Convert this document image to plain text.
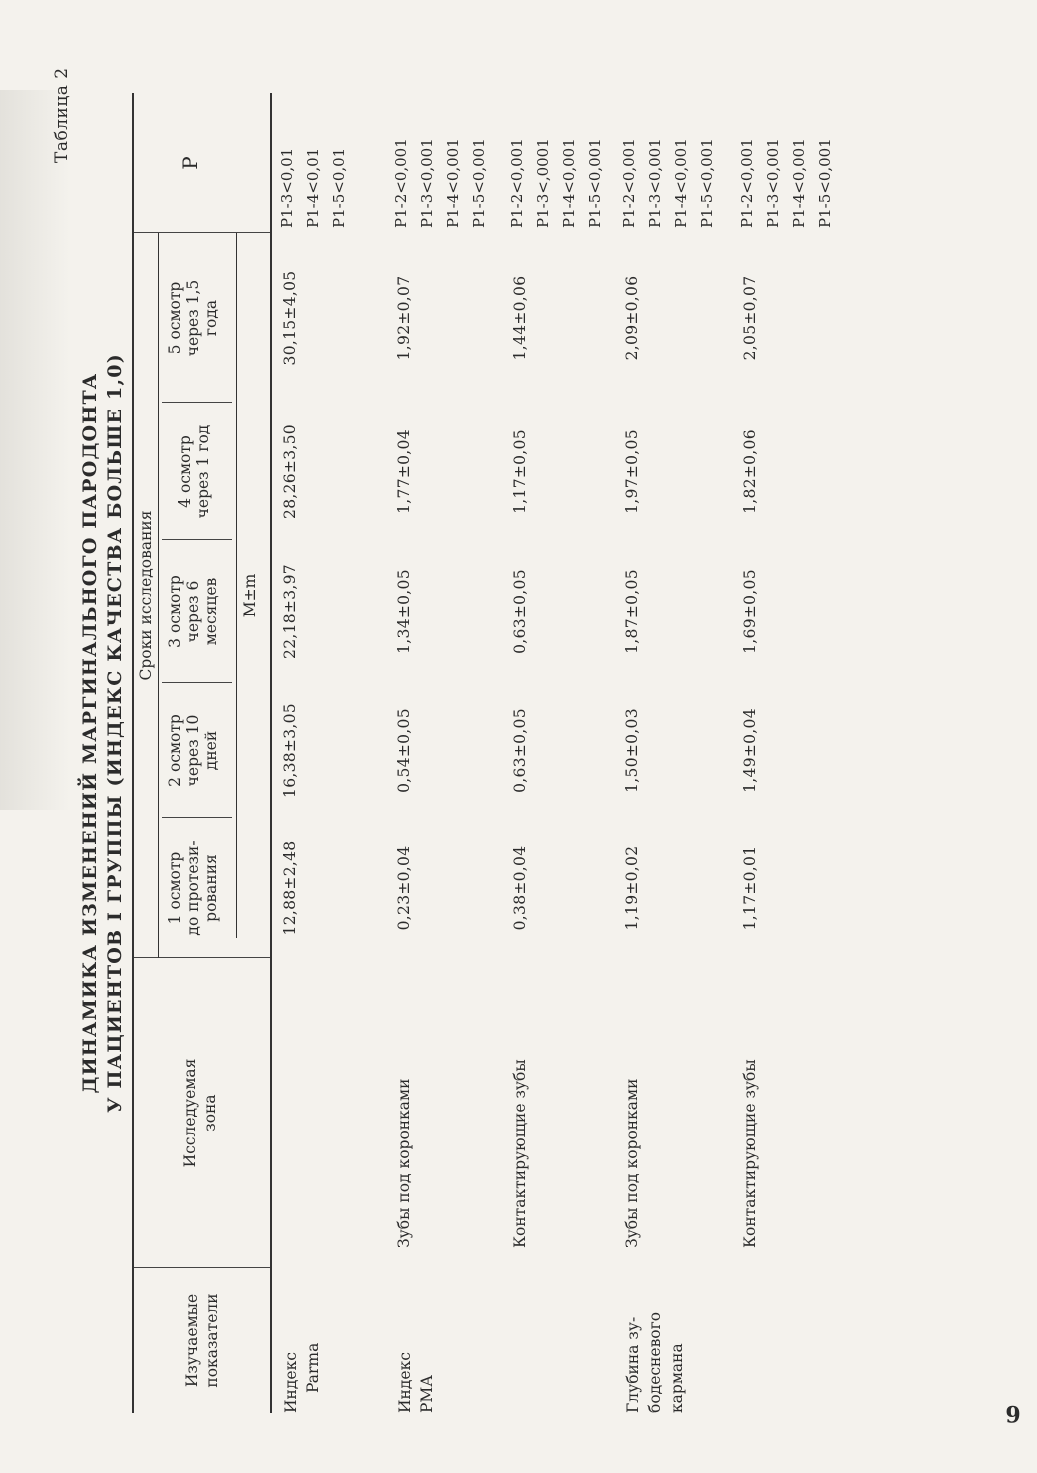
Таблица 2
ДИНАМИКА ИЗМЕНЕНИЙ МАРГИНАЛЬНОГО ПАРОДОНТА У ПАЦИЕНТОВ I ГРУППЫ (ИНДЕКС КАЧЕСТВА БОЛЬШЕ 1,0)
Изучаемые показатели
Исследуемая зона
Сроки исследования
1 осмотр до протези- рования
2 осмотр через 10 дней
3 осмотр через 6 месяцев
4 осмотр через 1 год
5 осмотр через 1,5 года
M±m
P
Индекс Parma
12,88±2,48
16,38±3,05
22,18±3,97
28,26±3,50
30,15±4,05
P1-3<0,01 P1-4<0,01 P1-5<0,01
Индекс РМА
Зубы под коронками
0,23±0,04
0,54±0,05
1,34±0,05
1,77±0,04
1,92±0,07
P1-2<0,001 P1-3<0,001 P1-4<0,001 P1-5<0,001
Контактирующие зубы
0,38±0,04
0,63±0,05
0,63±0,05
1,17±0,05
1,44±0,06
P1-2<0,001 P1-3<,0001 P1-4<0,001 P1-5<0,001
Глубина зу- бодесневого кармана
Зубы под коронками
1,19±0,02
1,50±0,03
1,87±0,05
1,97±0,05
2,09±0,06
P1-2<0,001 P1-3<0,001 P1-4<0,001 P1-5<0,001
Контактирующие зубы
1,17±0,01
1,49±0,04
1,69±0,05
1,82±0,06
2,05±0,07
P1-2<0,001 P1-3<0,001 P1-4<0,001 P1-5<0,001
9
